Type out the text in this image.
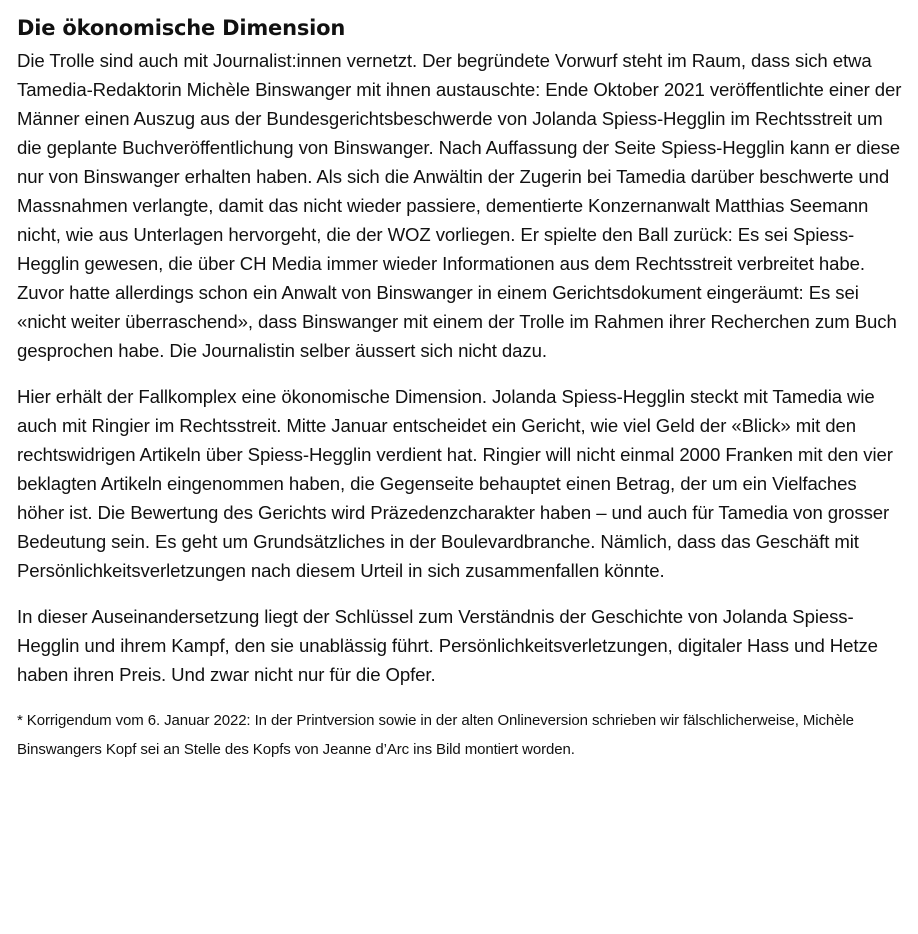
Die ökonomische Dimension

Die Trolle sind auch mit Journalist:innen vernetzt. Der begründete Vorwurf steht im Raum, dass sich etwa Tamedia-Redaktorin Michèle Binswanger mit ihnen austauschte: Ende Oktober 2021 veröffentlichte einer der Männer einen Auszug aus der Bundesgerichtsbeschwerde von Jolanda Spiess-Hegglin im Rechtsstreit um die geplante Buchveröffentlichung von Binswanger. Nach Auffassung der Seite Spiess-Hegglin kann er diese nur von Binswanger erhalten haben. Als sich die Anwältin der Zugerin bei Tamedia darüber beschwerte und Massnahmen verlangte, damit das nicht wieder passiere, dementierte Konzernanwalt Matthias Seemann nicht, wie aus Unterlagen hervorgeht, die der WOZ vorliegen. Er spielte den Ball zurück: Es sei Spiess-Hegglin gewesen, die über CH Media immer wieder Informationen aus dem Rechtsstreit verbreitet habe. Zuvor hatte allerdings schon ein Anwalt von Binswanger in einem Gerichtsdokument eingeräumt: Es sei «nicht weiter überraschend», dass Binswanger mit einem der Trolle im Rahmen ihrer Recherchen zum Buch gesprochen habe. Die Journalistin selber äussert sich nicht dazu.

Hier erhält der Fallkomplex eine ökonomische Dimension. Jolanda Spiess-Hegglin steckt mit Tamedia wie auch mit Ringier im Rechtsstreit. Mitte Januar entscheidet ein Gericht, wie viel Geld der «Blick» mit den rechtswidrigen Artikeln über Spiess-Hegglin verdient hat. Ringier will nicht einmal 2000 Franken mit den vier beklagten Artikeln eingenommen haben, die Gegenseite behauptet einen Betrag, der um ein Vielfaches höher ist. Die Bewertung des Gerichts wird Präzedenzcharakter haben – und auch für Tamedia von grosser Bedeutung sein. Es geht um Grundsätzliches in der Boulevardbranche. Nämlich, dass das Geschäft mit Persönlichkeitsverletzungen nach diesem Urteil in sich zusammenfallen könnte.

In dieser Auseinandersetzung liegt der Schlüssel zum Verständnis der Geschichte von Jolanda Spiess-Hegglin und ihrem Kampf, den sie unablässig führt. Persönlichkeitsverletzungen, digitaler Hass und Hetze haben ihren Preis. Und zwar nicht nur für die Opfer.

* Korrigendum vom 6. Januar 2022: In der Printversion sowie in der alten Onlineversion schrieben wir fälschlicherweise, Michèle Binswangers Kopf sei an Stelle des Kopfs von Jeanne d’Arc ins Bild montiert worden.
